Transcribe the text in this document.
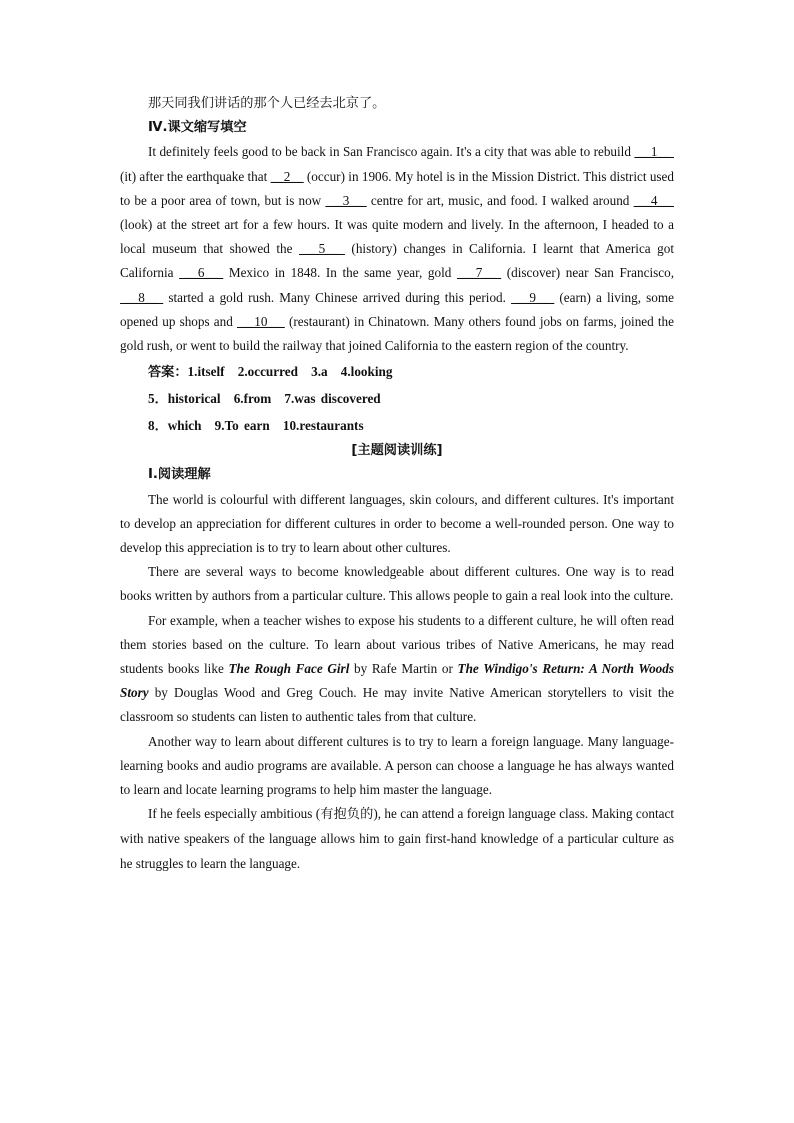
那天同我们讲话的那个人已经去北京了。

Ⅳ.课文缩写填空

It definitely feels good to be back in San Francisco again. It's a city that was able to rebuild  __1__  (it) after the earthquake that __2__ (occur) in 1906. My hotel is in the Mission District. This district used to be a poor area of town, but is now  __3__  centre for art, music, and food. I walked around  __4__  (look) at the street art for a few hours. It was quite modern and lively. In the afternoon, I headed to a local museum that showed the  __5__  (history) changes in California. I learnt that America got California  __6__  Mexico in 1848. In the same year, gold  __7__  (discover) near San Francisco,  __8__  started a gold rush. Many Chinese arrived during this period.  __9__  (earn) a living, some opened up shops and  __10__  (restaurant) in Chinatown. Many others found jobs on farms, joined the gold rush, or went to build the railway that joined California to the eastern region of the country.

答案：1.itself　2.occurred　3.a　4.looking

5．historical　6.from　7.was discovered

8．which　9.To earn　10.restaurants

[主题阅读训练]

Ⅰ.阅读理解

The world is colourful with different languages, skin colours, and different cultures. It's important to develop an appreciation for different cultures in order to become a well-rounded person. One way to develop this appreciation is to try to learn about other cultures.

There are several ways to become knowledgeable about different cultures. One way is to read books written by authors from a particular culture. This allows people to gain a real look into the culture.

For example, when a teacher wishes to expose his students to a different culture, he will often read them stories based on the culture. To learn about various tribes of Native Americans, he may read students books like The Rough Face Girl by Rafe Martin or The Windigo's Return: A North Woods Story by Douglas Wood and Greg Couch. He may invite Native American storytellers to visit the classroom so students can listen to authentic tales from that culture.

Another way to learn about different cultures is to try to learn a foreign language. Many language-learning books and audio programs are available. A person can choose a language he has always wanted to learn and locate learning programs to help him master the language.

If he feels especially ambitious (有抱负的), he can attend a foreign language class. Making contact with native speakers of the language allows him to gain first-hand knowledge of a particular culture as he struggles to learn the language.
